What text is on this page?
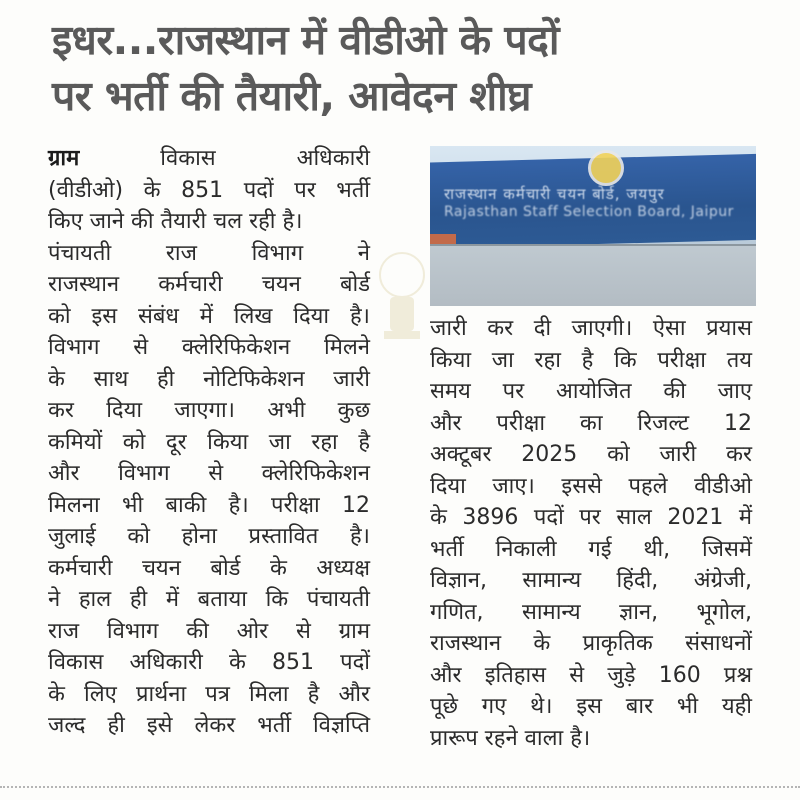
इधर...राजस्थान में वीडीओ के पदों
पर भर्ती की तैयारी, आवेदन शीघ्र
ग्राम विकास अधिकारी
(वीडीओ) के 851 पदों पर भर्ती
किए जाने की तैयारी चल रही है।
पंचायती राज विभाग ने
राजस्थान कर्मचारी चयन बोर्ड
को इस संबंध में लिख दिया है।
विभाग से क्लेरिफिकेशन मिलने
के साथ ही नोटिफिकेशन जारी
कर दिया जाएगा। अभी कुछ
कमियों को दूर किया जा रहा है
और विभाग से क्लेरिफिकेशन
मिलना भी बाकी है। परीक्षा 12
जुलाई को होना प्रस्तावित है।
कर्मचारी चयन बोर्ड के अध्यक्ष
ने हाल ही में बताया कि पंचायती
राज विभाग की ओर से ग्राम
विकास अधिकारी के 851 पदों
के लिए प्रार्थना पत्र मिला है और
जल्द ही इसे लेकर भर्ती विज्ञप्ति
राजस्थान कर्मचारी चयन बोर्ड, जयपुर
Rajasthan Staff Selection Board, Jaipur
जारी कर दी जाएगी। ऐसा प्रयास
किया जा रहा है कि परीक्षा तय
समय पर आयोजित की जाए
और परीक्षा का रिजल्ट 12
अक्टूबर 2025 को जारी कर
दिया जाए। इससे पहले वीडीओ
के 3896 पदों पर साल 2021 में
भर्ती निकाली गई थी, जिसमें
विज्ञान, सामान्य हिंदी, अंग्रेजी,
गणित, सामान्य ज्ञान, भूगोल,
राजस्थान के प्राकृतिक संसाधनों
और इतिहास से जुड़े 160 प्रश्न
पूछे गए थे। इस बार भी यही
प्रारूप रहने वाला है।
